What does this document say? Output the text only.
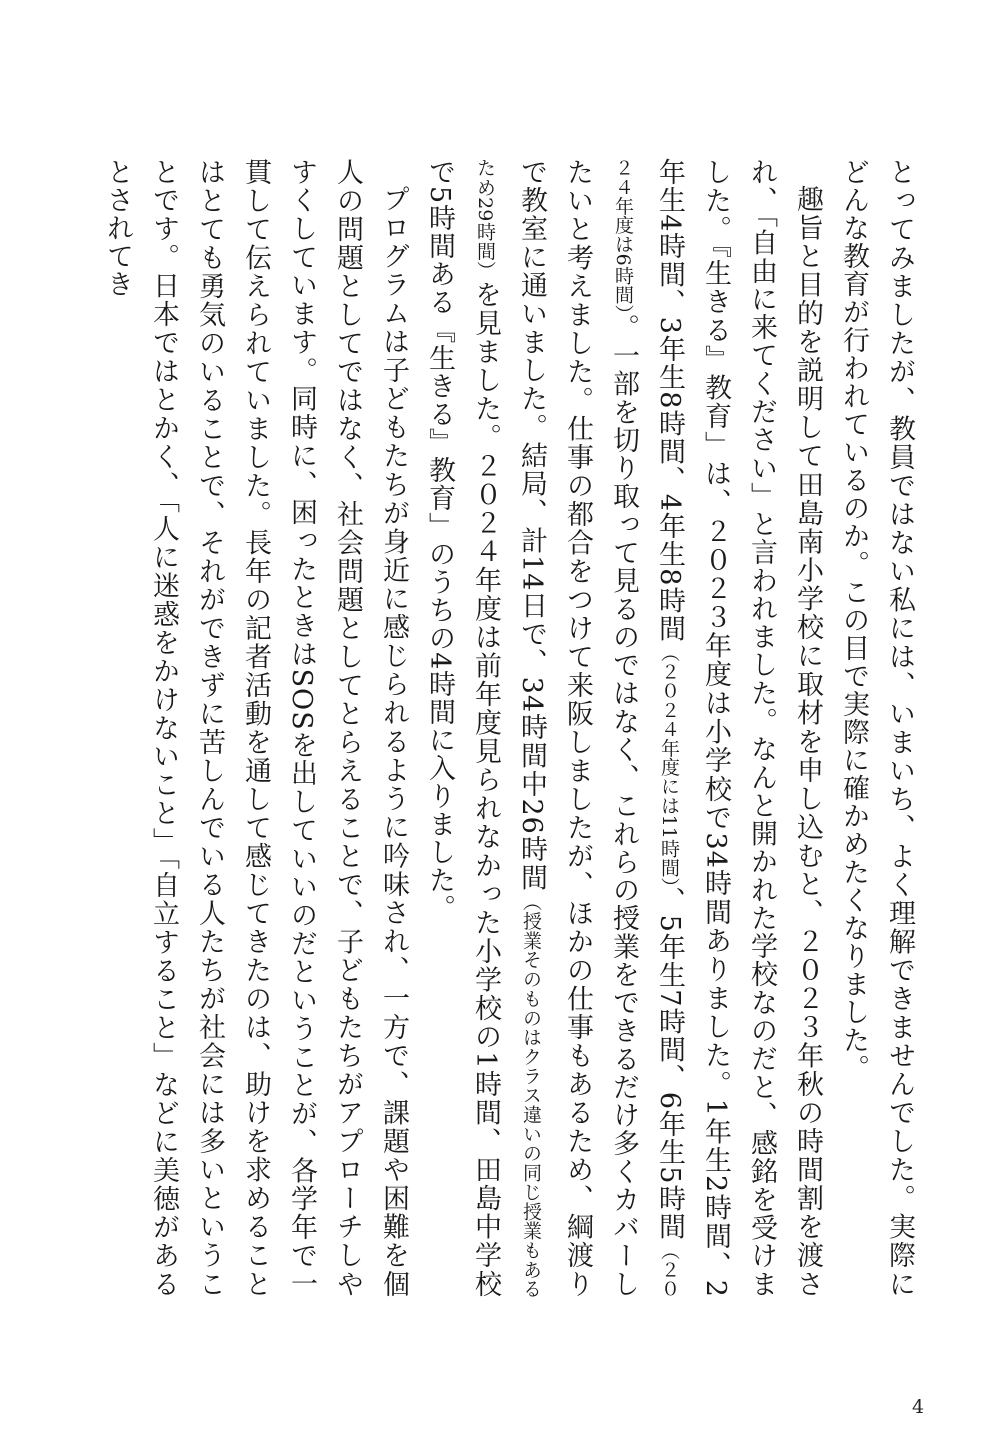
とってみましたが、教員ではない私には、いまいち、よく理解できませんでした。実際にどんな教育が行われているのか。この目で実際に確かめたくなりました。

趣旨と目的を説明して田島南小学校に取材を申し込むと、２０２３年秋の時間割を渡され、「自由に来てください」と言われました。なんと開かれた学校なのだと、感銘を受けました。『生きる』教育」は、２０２３年度は小学校で34時間ありました。1年生2時間、2年生4時間、3年生8時間、4年生8時間（２０２４年度には11時間）、5年生7時間、6年生5時間（２０２４年度は6時間）。一部を切り取って見るのではなく、これらの授業をできるだけ多くカバーしたいと考えました。仕事の都合をつけて来阪しましたが、ほかの仕事もあるため、綱渡りで教室に通いました。結局、計14日で、34時間中26時間（授業そのものはクラス違いの同じ授業もあるため29時間）を見ました。２０２４年度は前年度見られなかった小学校の1時間、田島中学校で5時間ある『生きる』教育」のうちの4時間に入りました。

プログラムは子どもたちが身近に感じられるように吟味され、一方で、課題や困難を個人の問題としてではなく、社会問題としてとらえることで、子どもたちがアプローチしやすくしています。同時に、困ったときはSOSを出していいのだということが、各学年で一貫して伝えられていました。長年の記者活動を通して感じてきたのは、助けを求めることはとても勇気のいることで、それができずに苦しんでいる人たちが社会には多いということです。日本ではとかく、「人に迷惑をかけないこと」「自立すること」などに美徳があるとされてき

4
